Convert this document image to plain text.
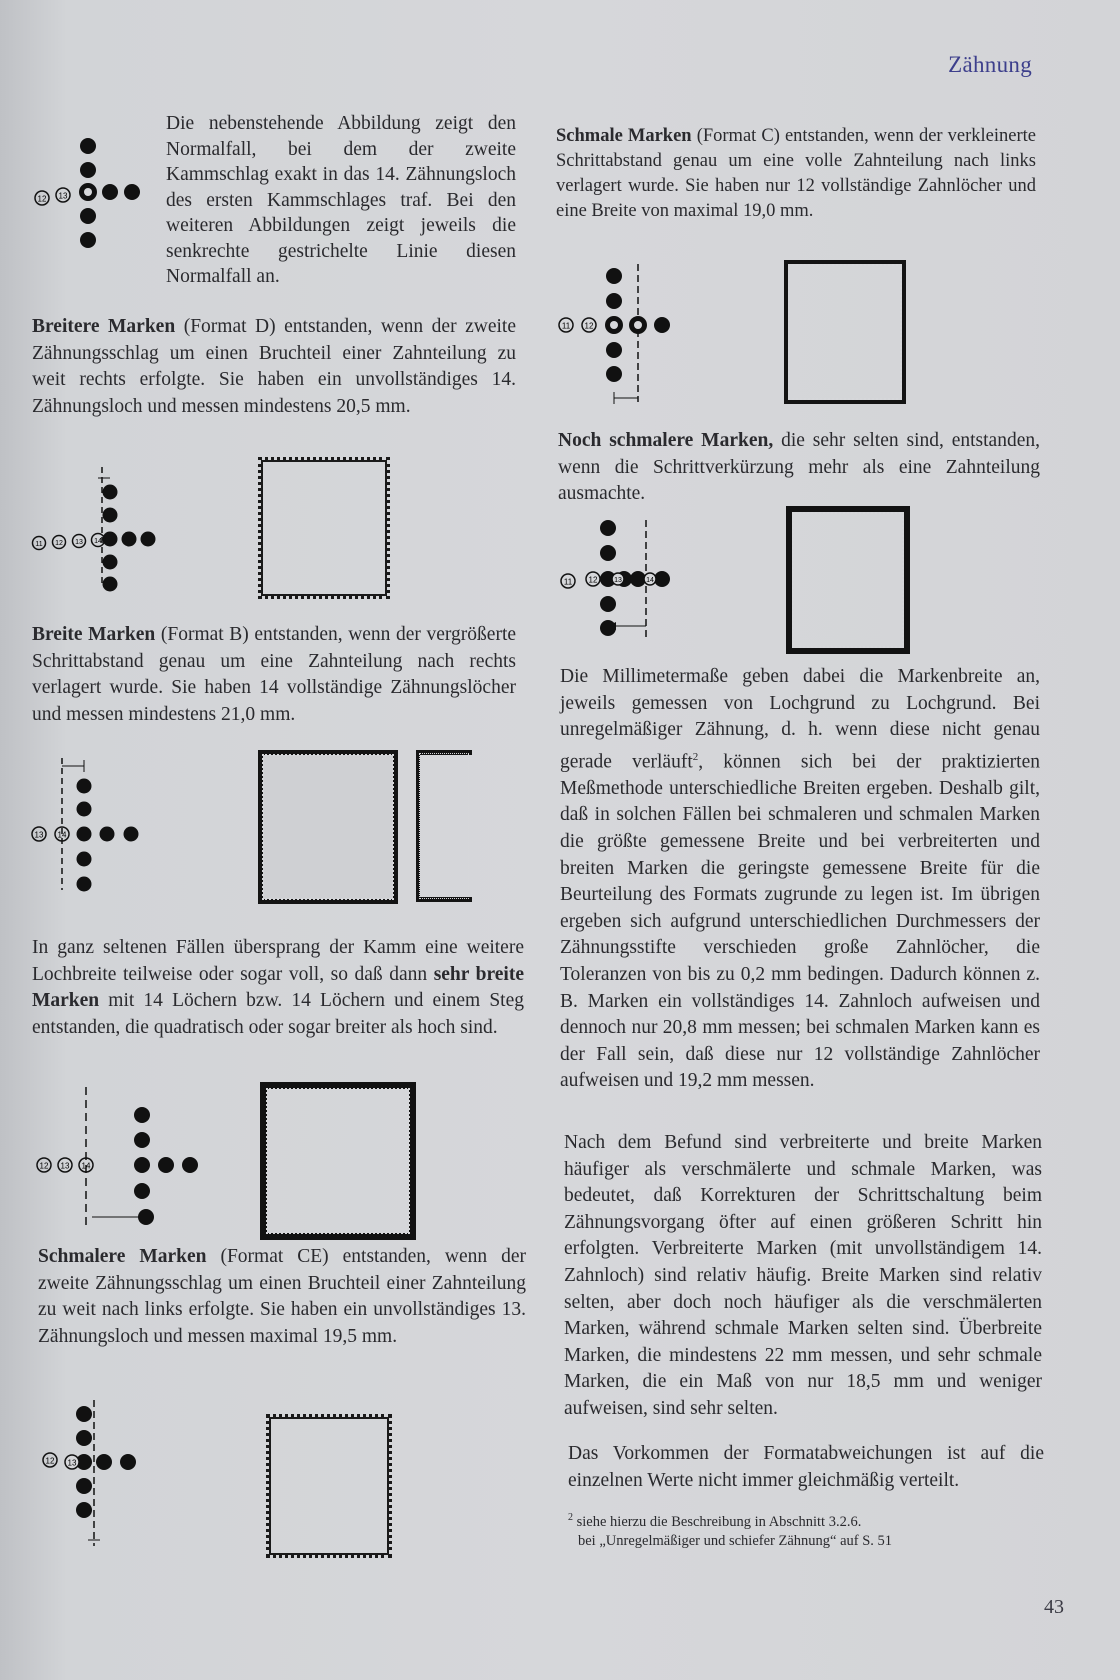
Zähnung

Die nebenstehende Abbildung zeigt den Normalfall, bei dem der zweite Kammschlag exakt in das 14. Zähnungsloch des ersten Kammschlages traf. Bei den weiteren Abbildungen zeigt jeweils die senkrechte gestrichelte Linie diesen Normalfall an.

12 13

Breitere Marken (Format D) entstanden, wenn der zweite Zähnungsschlag um einen Bruchteil einer Zahnteilung zu weit rechts erfolgte. Sie haben ein unvollständiges 14. Zähnungsloch und messen mindestens 20,5 mm.

11 12 13 14

Breite Marken (Format B) entstanden, wenn der vergrößerte Schrittabstand genau um eine Zahnteilung nach rechts verlagert wurde. Sie haben 14 vollständige Zähnungslöcher und messen mindestens 21,0 mm.

13 14

In ganz seltenen Fällen übersprang der Kamm eine weitere Lochbreite teilweise oder sogar voll, so daß dann sehr breite Marken mit 14 Löchern bzw. 14 Löchern und einem Steg entstanden, die quadratisch oder sogar breiter als hoch sind.

12 13 14

Schmalere Marken (Format CE) entstanden, wenn der zweite Zähnungsschlag um einen Bruchteil einer Zahnteilung zu weit nach links erfolgte. Sie haben ein unvollständiges 13. Zähnungsloch und messen maximal 19,5 mm.

12 13

Schmale Marken (Format C) entstanden, wenn der verkleinerte Schrittabstand genau um eine volle Zahnteilung nach links verlagert wurde. Sie haben nur 12 vollständige Zahnlöcher und eine Breite von maximal 19,0 mm.

11 12

Noch schmalere Marken, die sehr selten sind, entstanden, wenn die Schrittverkürzung mehr als eine Zahnteilung ausmachte.

11 12 13	14

Die Millimetermaße geben dabei die Markenbreite an, jeweils gemessen von Lochgrund zu Lochgrund. Bei unregelmäßiger Zähnung, d. h. wenn diese nicht genau gerade verläuft$^2$, können sich bei der praktizierten Meßmethode unterschiedliche Breiten ergeben. Deshalb gilt, daß in solchen Fällen bei schmaleren und schmalen Marken die größte gemessene Breite und bei verbreiterten und breiten Marken die geringste gemessene Breite für die Beurteilung des Formats zugrunde zu legen ist. Im übrigen ergeben sich aufgrund unterschiedlichen Durchmessers der Zähnungsstifte verschieden große Zahnlöcher, die Toleranzen von bis zu 0,2 mm bedingen. Dadurch können z. B. Marken ein vollständiges 14. Zahnloch aufweisen und dennoch nur 20,8 mm messen; bei schmalen Marken kann es der Fall sein, daß diese nur 12 vollständige Zahnlöcher aufweisen und 19,2 mm messen.

Nach dem Befund sind verbreiterte und breite Marken häufiger als verschmälerte und schmale Marken, was bedeutet, daß Korrekturen der Schrittschaltung beim Zähnungsvorgang öfter auf einen größeren Schritt hin erfolgten. Verbreiterte Marken (mit unvollständigem 14. Zahnloch) sind relativ häufig. Breite Marken sind relativ selten, aber doch noch häufiger als die verschmälerten Marken, während schmale Marken selten sind. Überbreite Marken, die mindestens 22 mm messen, und sehr schmale Marken, die ein Maß von nur 18,5 mm und weniger aufweisen, sind sehr selten.

Das Vorkommen der Formatabweichungen ist auf die einzelnen Werte nicht immer gleichmäßig verteilt.

$^2$ siehe hierzu die Beschreibung in Abschnitt 3.2.6.
bei „Unregelmäßiger und schiefer Zähnung“ auf S. 51
43
